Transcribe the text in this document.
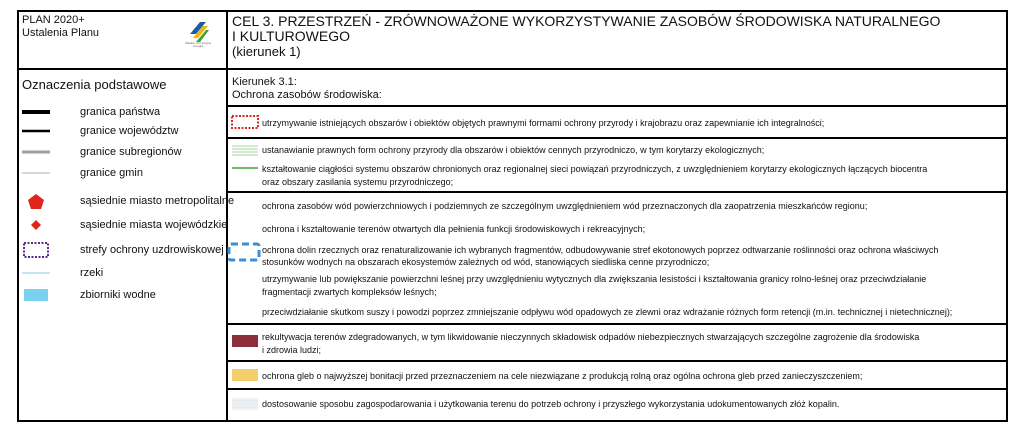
PLAN 2020+
Ustalenia Planu
Śląskie. Pozytywna energia
CEL 3. PRZESTRZEŃ - ZRÓWNOWAŻONE WYKORZYSTYWANIE ZASOBÓW ŚRODOWISKA NATURALNEGO
I KULTUROWEGO
(kierunek 1)
Oznaczenia podstawowe
granica państwa
granice województw
granice subregionów
granice gmin
sąsiednie miasto metropolitalne
sąsiednie miasta wojewódzkie
strefy ochrony uzdrowiskowej
rzeki
zbiorniki wodne
Kierunek 3.1:
Ochrona zasobów środowiska:
utrzymywanie istniejących obszarów i obiektów objętych prawnymi formami ochrony przyrody i krajobrazu oraz zapewnianie ich integralności;
ustanawianie prawnych form ochrony przyrody dla obszarów i obiektów cennych przyrodniczo, w tym korytarzy ekologicznych;
kształtowanie ciągłości systemu obszarów chronionych oraz regionalnej sieci powiązań przyrodniczych, z uwzględnieniem korytarzy ekologicznych łączących biocentra
oraz obszary zasilania systemu przyrodniczego;
ochrona zasobów wód powierzchniowych i podziemnych ze szczególnym uwzględnieniem wód przeznaczonych dla zaopatrzenia mieszkańców regionu;
ochrona i kształtowanie terenów otwartych dla pełnienia funkcji środowiskowych i rekreacyjnych;
ochrona dolin rzecznych oraz renaturalizowanie ich wybranych fragmentów, odbudowywanie stref ekotonowych poprzez odtwarzanie roślinności oraz ochrona właściwych
stosunków wodnych na obszarach ekosystemów zależnych od wód, stanowiących siedliska cenne przyrodniczo;
utrzymywanie lub powiększanie powierzchni leśnej przy uwzględnieniu wytycznych dla zwiększania lesistości i kształtowania granicy rolno-leśnej oraz przeciwdziałanie
fragmentacji zwartych kompleksów leśnych;
przeciwdziałanie skutkom suszy i powodzi poprzez zmniejszanie odpływu wód opadowych ze zlewni oraz wdrażanie różnych form retencji (m.in. technicznej i nietechnicznej);
rekultywacja terenów zdegradowanych, w tym likwidowanie nieczynnych składowisk odpadów niebezpiecznych stwarzających szczególne zagrożenie dla środowiska
i zdrowia ludzi;
ochrona gleb o najwyższej bonitacji przed przeznaczeniem na cele niezwiązane z produkcją rolną oraz ogólna ochrona gleb przed zanieczyszczeniem;
dostosowanie sposobu zagospodarowania i użytkowania terenu do potrzeb ochrony i przyszłego wykorzystania udokumentowanych złóż kopalin.
